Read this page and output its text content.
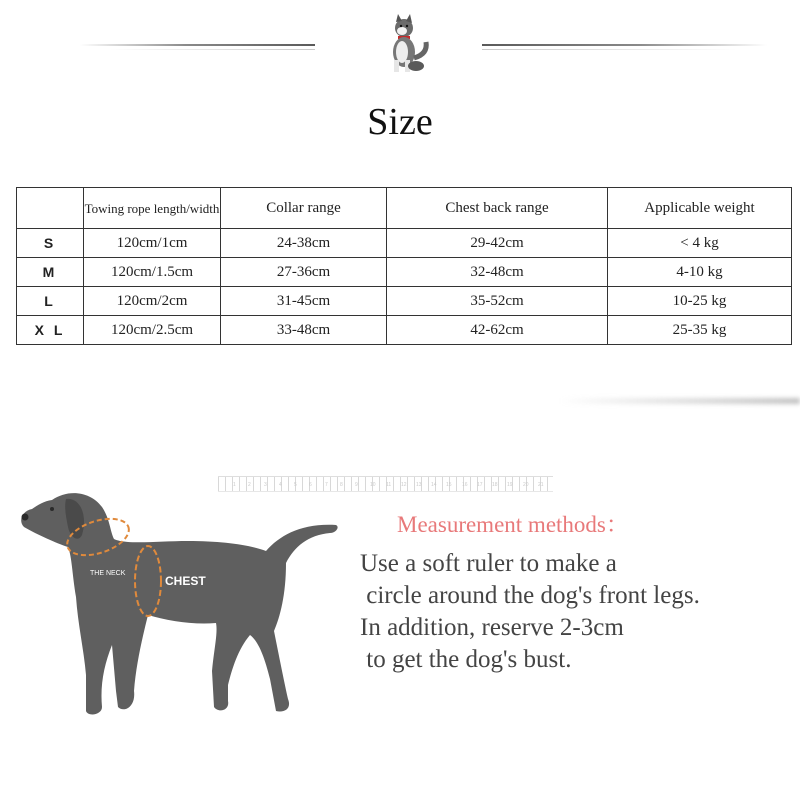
Size
	Towing rope length/width	Collar range	Chest back range	Applicable weight
S	120cm/1cm	24-38cm	29-42cm	< 4 kg
M	120cm/1.5cm	27-36cm	32-48cm	4-10 kg
L	120cm/2cm	31-45cm	35-52cm	10-25 kg
X L	120cm/2.5cm	33-48cm	42-62cm	25-35 kg
1 2	3 4 5 6	7 8 9 10 11 12 13 14 15 16 17 18 19 20 21
THE NECK
CHEST
Measurement methods：
Use a soft ruler to make a
circle around the dog's front legs.
In addition, reserve 2-3cm
to get the dog's bust.
